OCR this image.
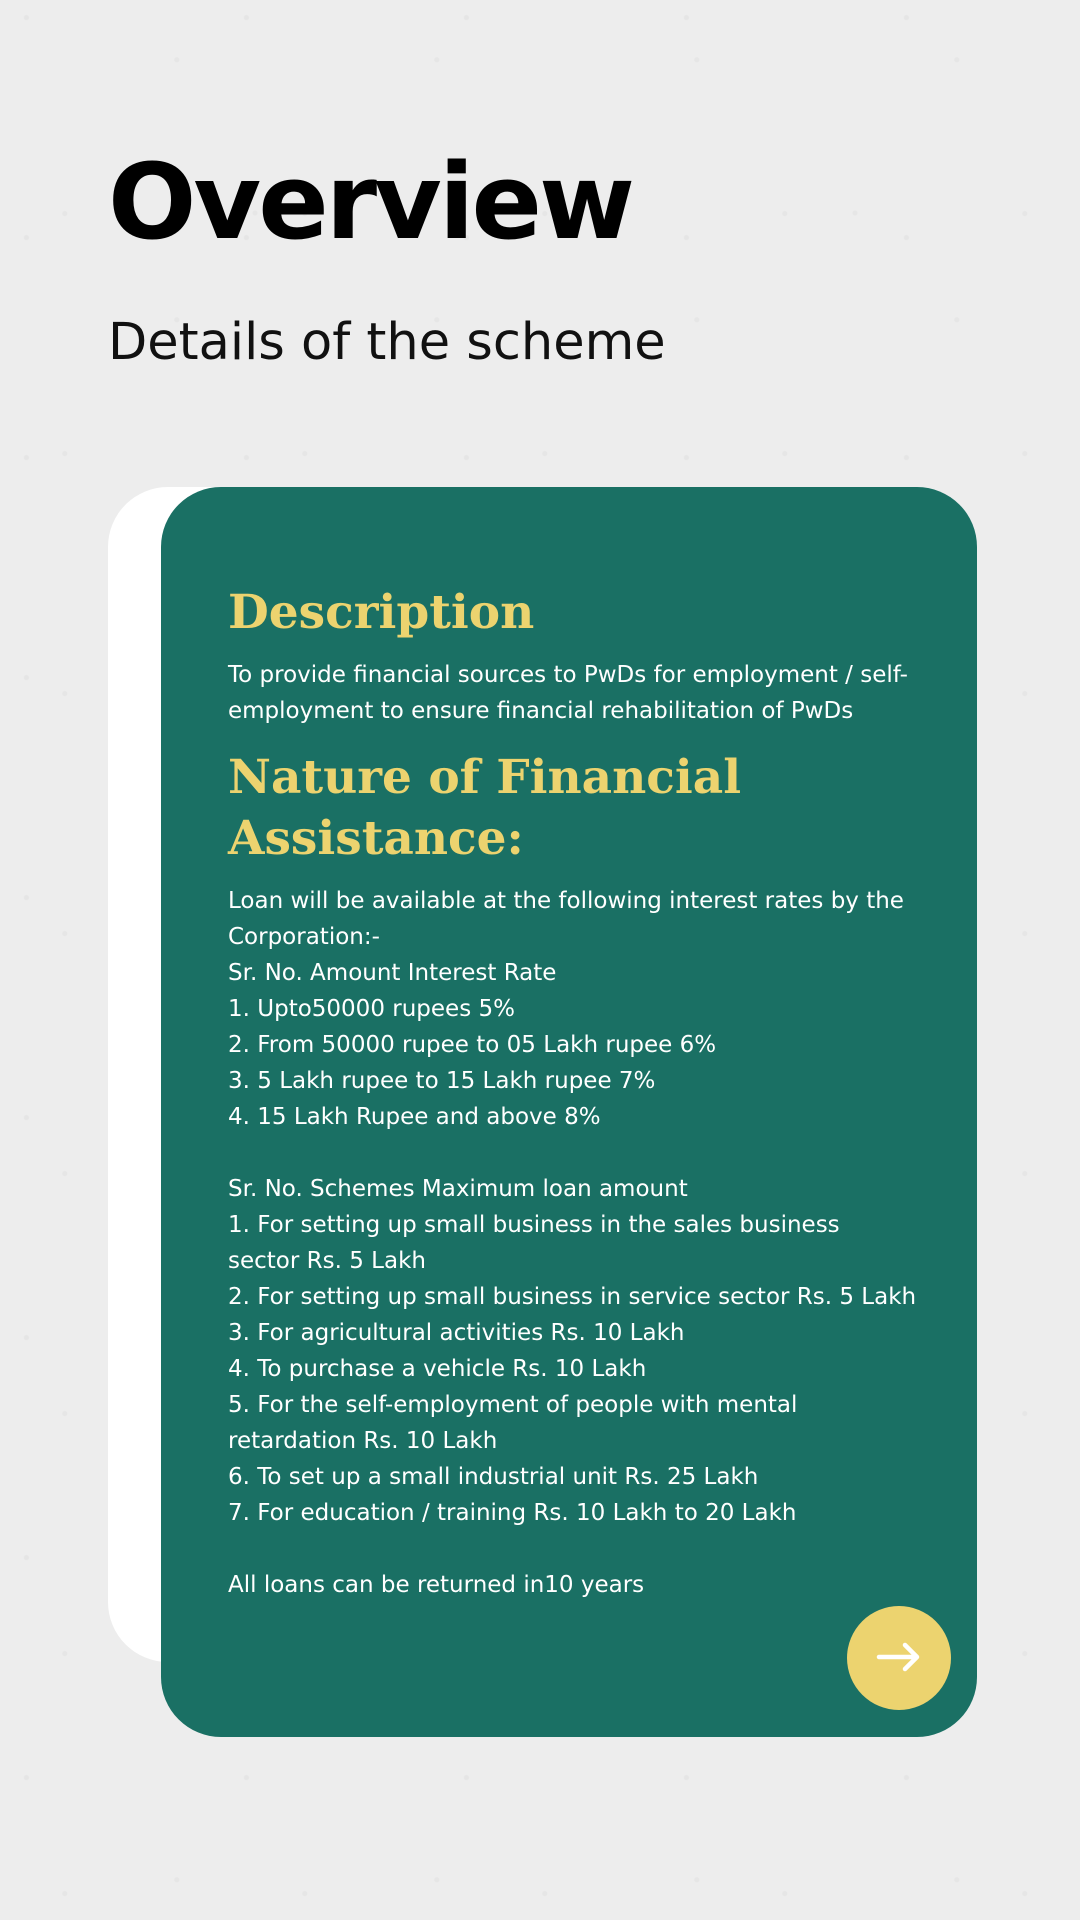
Overview
Details of the scheme
Description

To provide financial sources to PwDs for employment / self-employment to ensure financial rehabilitation of PwDs

Nature of Financial Assistance:

Loan will be available at the following interest rates by the Corporation:-
Sr. No. Amount Interest Rate
1. Upto50000 rupees 5%
2. From 50000 rupee to 05 Lakh rupee 6%
3. 5 Lakh rupee to 15 Lakh rupee 7%
4. 15 Lakh Rupee and above 8%

Sr. No. Schemes Maximum loan amount
1. For setting up small business in the sales business sector Rs. 5 Lakh
2. For setting up small business in service sector Rs. 5 Lakh
3. For agricultural activities Rs. 10 Lakh
4. To purchase a vehicle Rs. 10 Lakh
5. For the self-employment of people with mental retardation Rs. 10 Lakh
6. To set up a small industrial unit Rs. 25 Lakh
7. For education / training Rs. 10 Lakh to 20 Lakh

All loans can be returned in10 years
